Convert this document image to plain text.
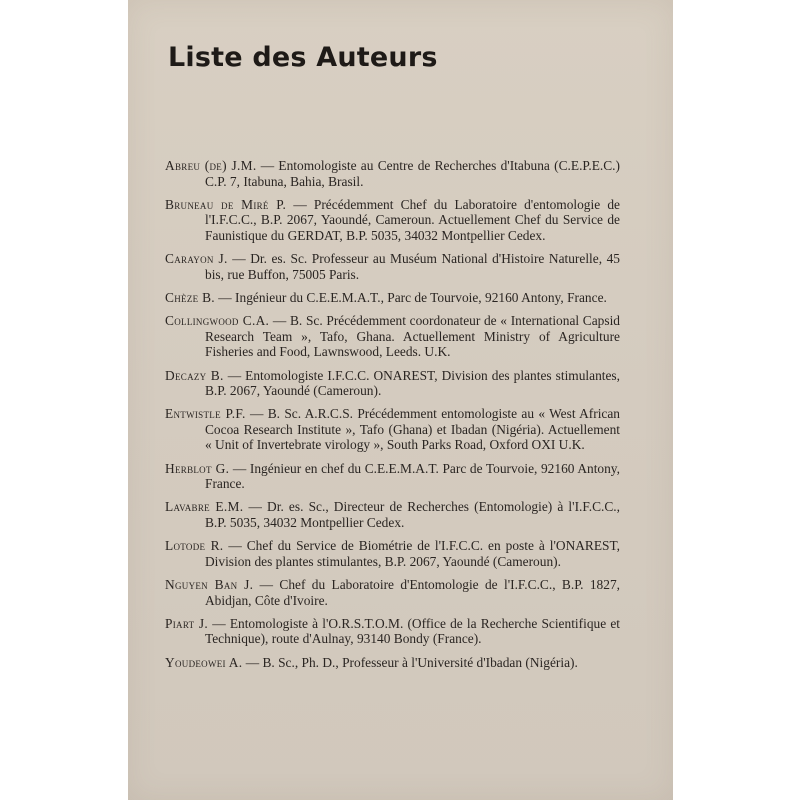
Liste des Auteurs
Abreu (de) J.M. — Entomologiste au Centre de Recherches d'Itabuna (C.E.P.E.C.) C.P. 7, Itabuna, Bahia, Brasil.
Bruneau de Miré P. — Précédemment Chef du Laboratoire d'entomologie de l'I.F.C.C., B.P. 2067, Yaoundé, Cameroun. Actuellement Chef du Service de Faunistique du GERDAT, B.P. 5035, 34032 Montpellier Cedex.
Carayon J. — Dr. es. Sc. Professeur au Muséum National d'Histoire Naturelle, 45 bis, rue Buffon, 75005 Paris.
Chèze B. — Ingénieur du C.E.E.M.A.T., Parc de Tourvoie, 92160 Antony, France.
Collingwood C.A. — B. Sc. Précédemment coordonateur de « International Capsid Research Team », Tafo, Ghana. Actuellement Ministry of Agriculture Fisheries and Food, Lawnswood, Leeds. U.K.
Decazy B. — Entomologiste I.F.C.C. ONAREST, Division des plantes stimulantes, B.P. 2067, Yaoundé (Cameroun).
Entwistle P.F. — B. Sc. A.R.C.S. Précédemment entomologiste au « West African Cocoa Research Institute », Tafo (Ghana) et Ibadan (Nigéria). Actuellement « Unit of Invertebrate virology », South Parks Road, Oxford OXI U.K.
Herblot G. — Ingénieur en chef du C.E.E.M.A.T. Parc de Tourvoie, 92160 Antony, France.
Lavabre E.M. — Dr. es. Sc., Directeur de Recherches (Entomologie) à l'I.F.C.C., B.P. 5035, 34032 Montpellier Cedex.
Lotode R. — Chef du Service de Biométrie de l'I.F.C.C. en poste à l'ONAREST, Division des plantes stimulantes, B.P. 2067, Yaoundé (Cameroun).
Nguyen Ban J. — Chef du Laboratoire d'Entomologie de l'I.F.C.C., B.P. 1827, Abidjan, Côte d'Ivoire.
Piart J. — Entomologiste à l'O.R.S.T.O.M. (Office de la Recherche Scientifique et Technique), route d'Aulnay, 93140 Bondy (France).
Youdeowei A. — B. Sc., Ph. D., Professeur à l'Université d'Ibadan (Nigéria).
